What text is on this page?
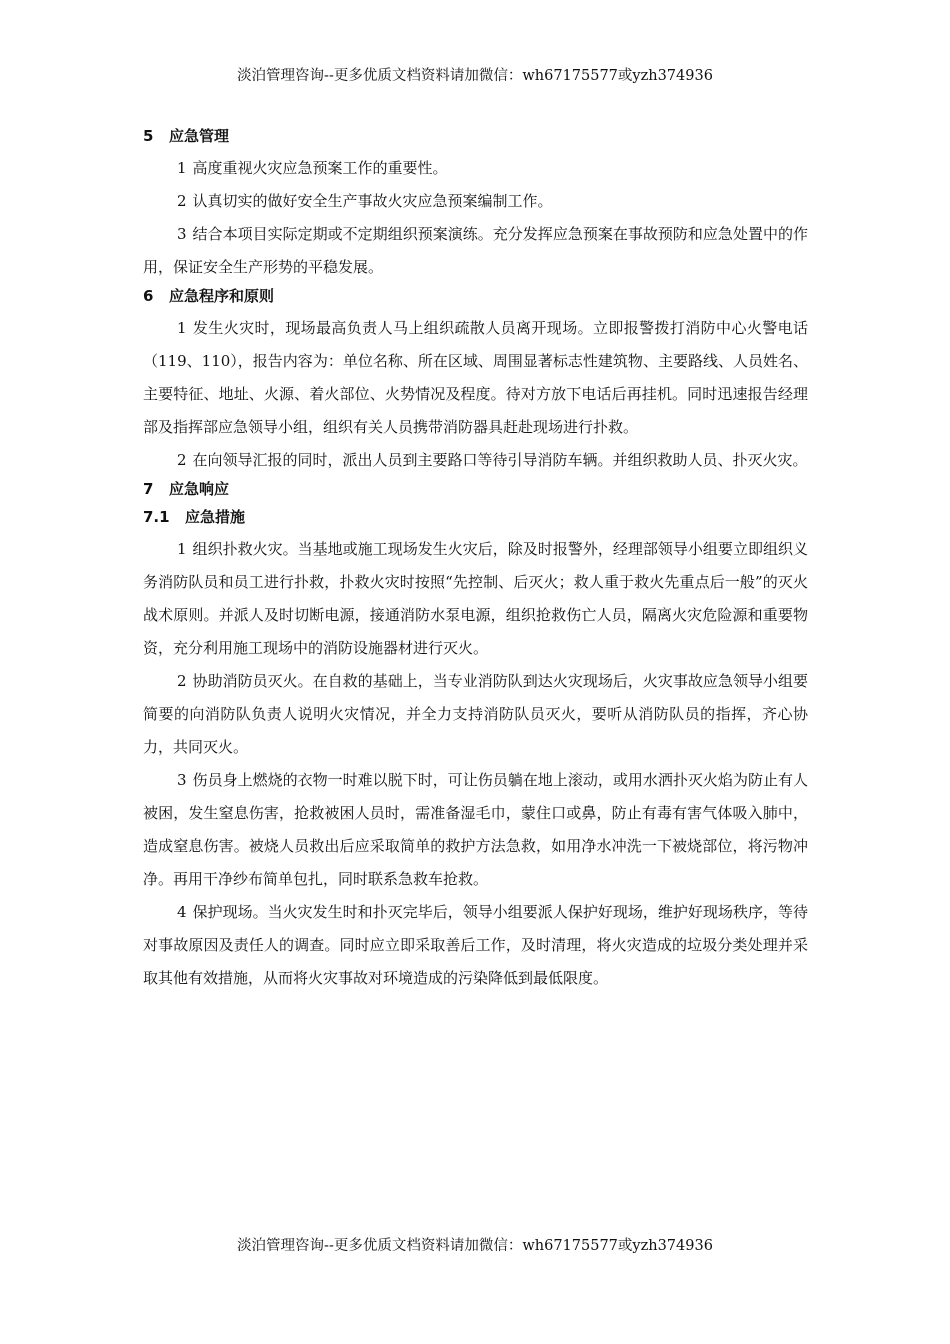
淡泊管理咨询--更多优质文档资料请加微信：wh67175577或yzh374936
5 应急管理

1 高度重视火灾应急预案工作的重要性。

2 认真切实的做好安全生产事故火灾应急预案编制工作。

3 结合本项目实际定期或不定期组织预案演练。充分发挥应急预案在事故预防和应急处置中的作用，保证安全生产形势的平稳发展。

6 应急程序和原则

1 发生火灾时，现场最高负责人马上组织疏散人员离开现场。立即报警拨打消防中心火警电话（119、110），报告内容为：单位名称、所在区域、周围显著标志性建筑物、主要路线、人员姓名、主要特征、地址、火源、着火部位、火势情况及程度。待对方放下电话后再挂机。同时迅速报告经理部及指挥部应急领导小组，组织有关人员携带消防器具赶赴现场进行扑救。

2 在向领导汇报的同时，派出人员到主要路口等待引导消防车辆。并组织救助人员、扑灭火灾。

7 应急响应
7.1 应急措施

1 组织扑救火灾。当基地或施工现场发生火灾后，除及时报警外，经理部领导小组要立即组织义务消防队员和员工进行扑救，扑救火灾时按照“先控制、后灭火；救人重于救火先重点后一般”的灭火战术原则。并派人及时切断电源，接通消防水泵电源，组织抢救伤亡人员，隔离火灾危险源和重要物资，充分利用施工现场中的消防设施器材进行灭火。

2 协助消防员灭火。在自救的基础上，当专业消防队到达火灾现场后，火灾事故应急领导小组要简要的向消防队负责人说明火灾情况，并全力支持消防队员灭火，要听从消防队员的指挥，齐心协力，共同灭火。

3 伤员身上燃烧的衣物一时难以脱下时，可让伤员躺在地上滚动，或用水洒扑灭火焰为防止有人被困，发生窒息伤害，抢救被困人员时，需准备湿毛巾，蒙住口或鼻，防止有毒有害气体吸入肺中，造成窒息伤害。被烧人员救出后应采取简单的救护方法急救，如用净水冲洗一下被烧部位，将污物冲净。再用干净纱布简单包扎，同时联系急救车抢救。

4 保护现场。当火灾发生时和扑灭完毕后，领导小组要派人保护好现场，维护好现场秩序，等待对事故原因及责任人的调查。同时应立即采取善后工作，及时清理，将火灾造成的垃圾分类处理并采取其他有效措施，从而将火灾事故对环境造成的污染降低到最低限度。

淡泊管理咨询--更多优质文档资料请加微信：wh67175577或yzh374936
